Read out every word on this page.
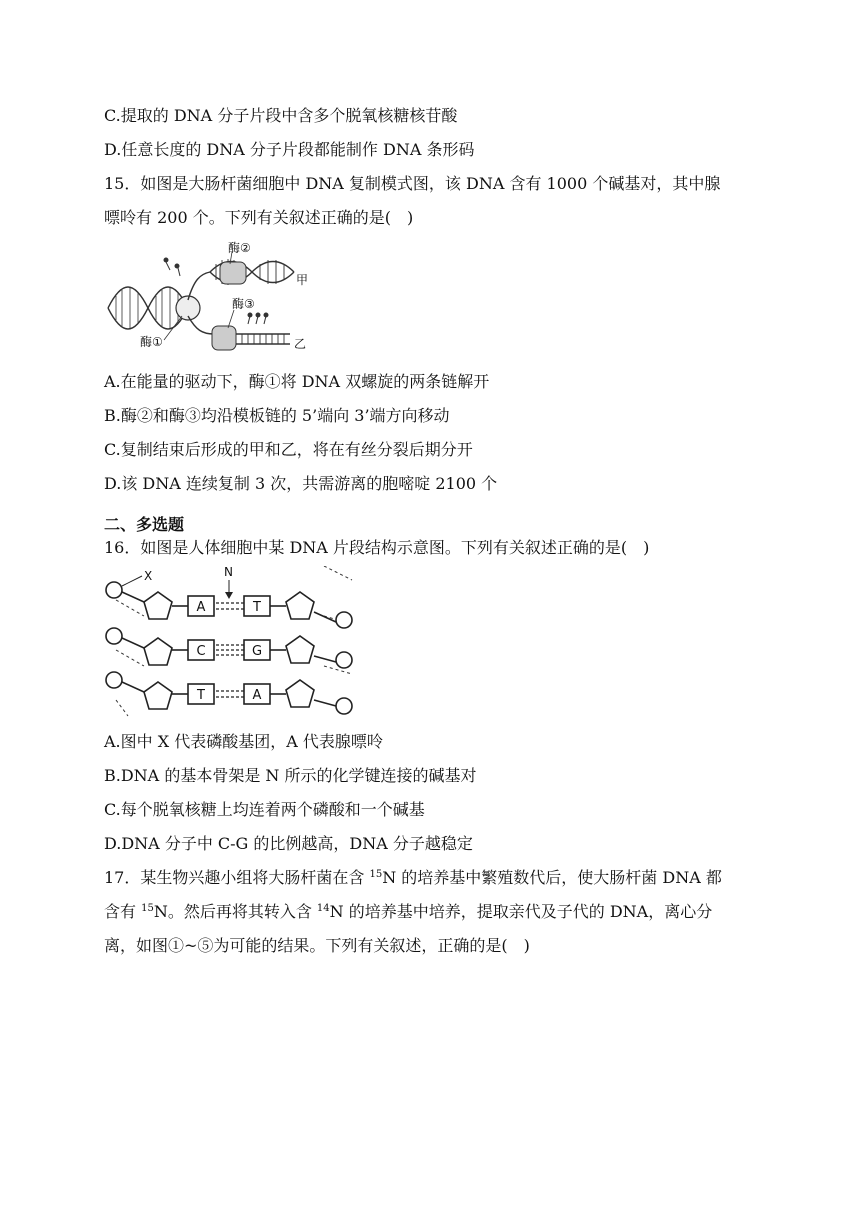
C.提取的 DNA 分子片段中含多个脱氧核糖核苷酸
D.任意长度的 DNA 分子片段都能制作 DNA 条形码
15．如图是大肠杆菌细胞中 DNA 复制模式图，该 DNA 含有 1000 个碱基对，其中腺
嘌呤有 200 个。下列有关叙述正确的是(　)
酶②
酶③
酶①
甲
乙
A.在能量的驱动下，酶①将 DNA 双螺旋的两条链解开
B.酶②和酶③均沿模板链的 5’端向 3’端方向移动
C.复制结束后形成的甲和乙，将在有丝分裂后期分开
D.该 DNA 连续复制 3 次，共需游离的胞嘧啶 2100 个
二、多选题
16．如图是人体细胞中某 DNA 片段结构示意图。下列有关叙述正确的是(　)
X	N
A	T
C	G
T	A
A.图中 X 代表磷酸基团，A 代表腺嘌呤
B.DNA 的基本骨架是 N 所示的化学键连接的碱基对
C.每个脱氧核糖上均连着两个磷酸和一个碱基
D.DNA 分子中 C-G 的比例越高，DNA 分子越稳定
17．某生物兴趣小组将大肠杆菌在含 $^{15}$N 的培养基中繁殖数代后，使大肠杆菌 DNA 都
含有 $^{15}$N。然后再将其转入含 $^{14}$N 的培养基中培养，提取亲代及子代的 DNA，离心分
离，如图①~⑤为可能的结果。下列有关叙述，正确的是(　)
